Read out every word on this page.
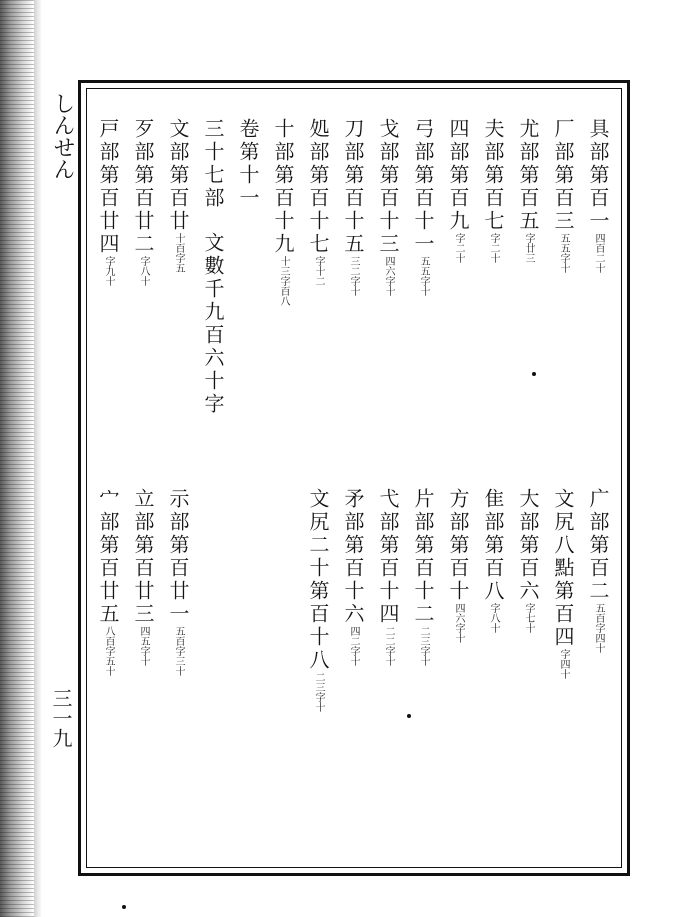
しんせん
三一九
具部第百一四百二十
厂部第百三五五字十
尤部第百五字廿三
夫部第百七字二十
四部第百九字二十
弓部第百十一五五字十
戈部第百十三四六字十
刀部第百十五三二字十
処部第百十七字十二
十部第百十九十三字百八
卷第十一
三十七部
文部第百廿十百字五
歹部第百廿二字八十
戸部第百廿四字九十
广部第百二五百字四十
文尻八點第百四字四十
大部第百六字七十
隹部第百八字八十
方部第百十四六字十
片部第百十二二三字十
弋部第百十四二二字十
矛部第百十六四二字十
文尻二十第百十八二三字十
示部第百廿一五百字三十
立部第百廿三四五字十
宀部第百廿五八百字五十
文數千九百六十字
